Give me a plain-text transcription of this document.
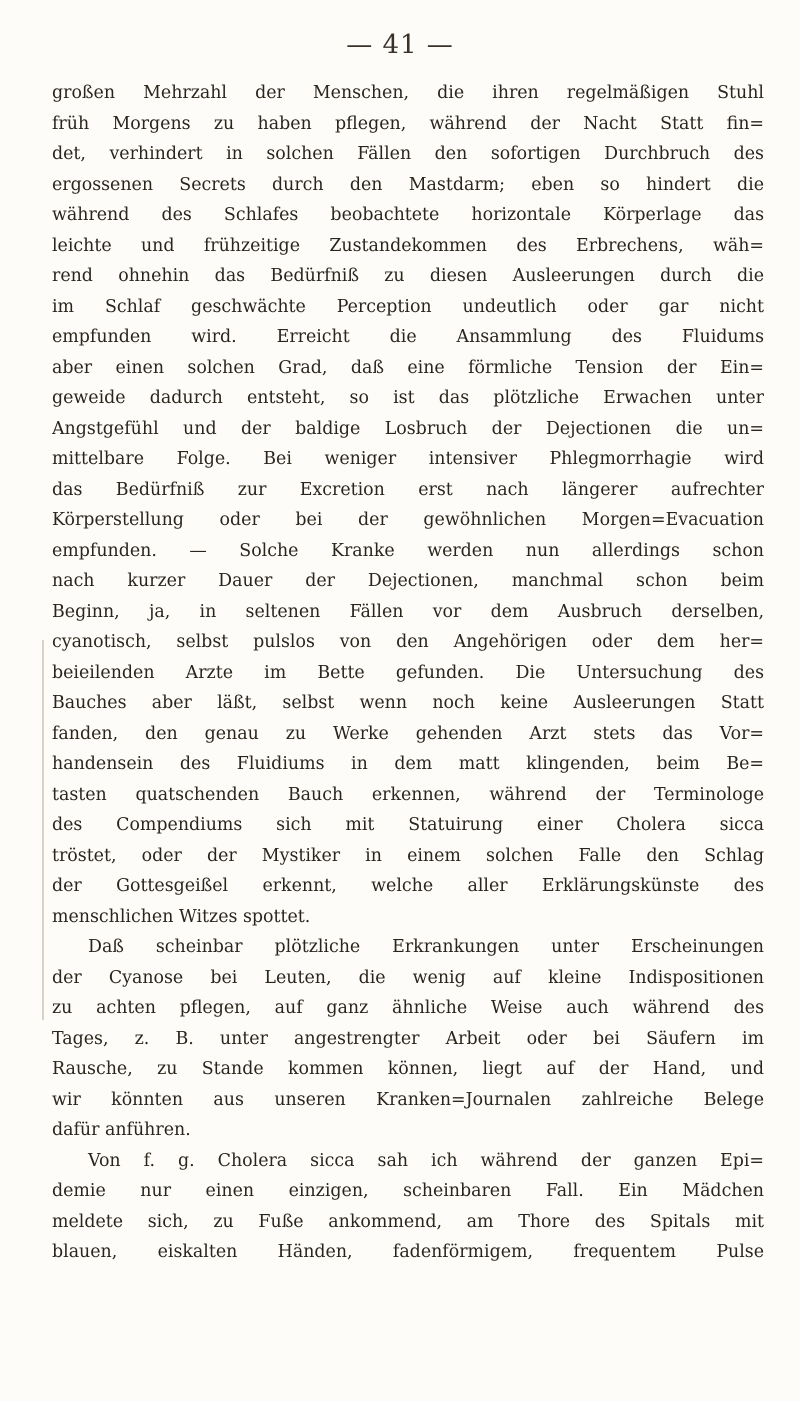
— 41 —
großen Mehrzahl der Menschen, die ihren regelmäßigen Stuhl
früh Morgens zu haben pflegen, während der Nacht Statt fin=
det, verhindert in solchen Fällen den sofortigen Durchbruch des
ergossenen Secrets durch den Mastdarm; eben so hindert die
während des Schlafes beobachtete horizontale Körperlage das
leichte und frühzeitige Zustandekommen des Erbrechens, wäh=
rend ohnehin das Bedürfniß zu diesen Ausleerungen durch die
im Schlaf geschwächte Perception undeutlich oder gar nicht
empfunden wird. Erreicht die Ansammlung des Fluidums
aber einen solchen Grad, daß eine förmliche Tension der Ein=
geweide dadurch entsteht, so ist das plötzliche Erwachen unter
Angstgefühl und der baldige Losbruch der Dejectionen die un=
mittelbare Folge. Bei weniger intensiver Phlegmorrhagie wird
das Bedürfniß zur Excretion erst nach längerer aufrechter
Körperstellung oder bei der gewöhnlichen Morgen=Evacuation
empfunden. — Solche Kranke werden nun allerdings schon
nach kurzer Dauer der Dejectionen, manchmal schon beim
Beginn, ja, in seltenen Fällen vor dem Ausbruch derselben,
cyanotisch, selbst pulslos von den Angehörigen oder dem her=
beieilenden Arzte im Bette gefunden. Die Untersuchung des
Bauches aber läßt, selbst wenn noch keine Ausleerungen Statt
fanden, den genau zu Werke gehenden Arzt stets das Vor=
handensein des Fluidiums in dem matt klingenden, beim Be=
tasten quatschenden Bauch erkennen, während der Terminologe
des Compendiums sich mit Statuirung einer Cholera sicca
tröstet, oder der Mystiker in einem solchen Falle den Schlag
der Gottesgeißel erkennt, welche aller Erklärungskünste des
menschlichen Witzes spottet.
Daß scheinbar plötzliche Erkrankungen unter Erscheinungen
der Cyanose bei Leuten, die wenig auf kleine Indispositionen
zu achten pflegen, auf ganz ähnliche Weise auch während des
Tages, z. B. unter angestrengter Arbeit oder bei Säufern im
Rausche, zu Stande kommen können, liegt auf der Hand, und
wir könnten aus unseren Kranken=Journalen zahlreiche Belege
dafür anführen.
Von f. g. Cholera sicca sah ich während der ganzen Epi=
demie nur einen einzigen, scheinbaren Fall. Ein Mädchen
meldete sich, zu Fuße ankommend, am Thore des Spitals mit
blauen, eiskalten Händen, fadenförmigem, frequentem Pulse
